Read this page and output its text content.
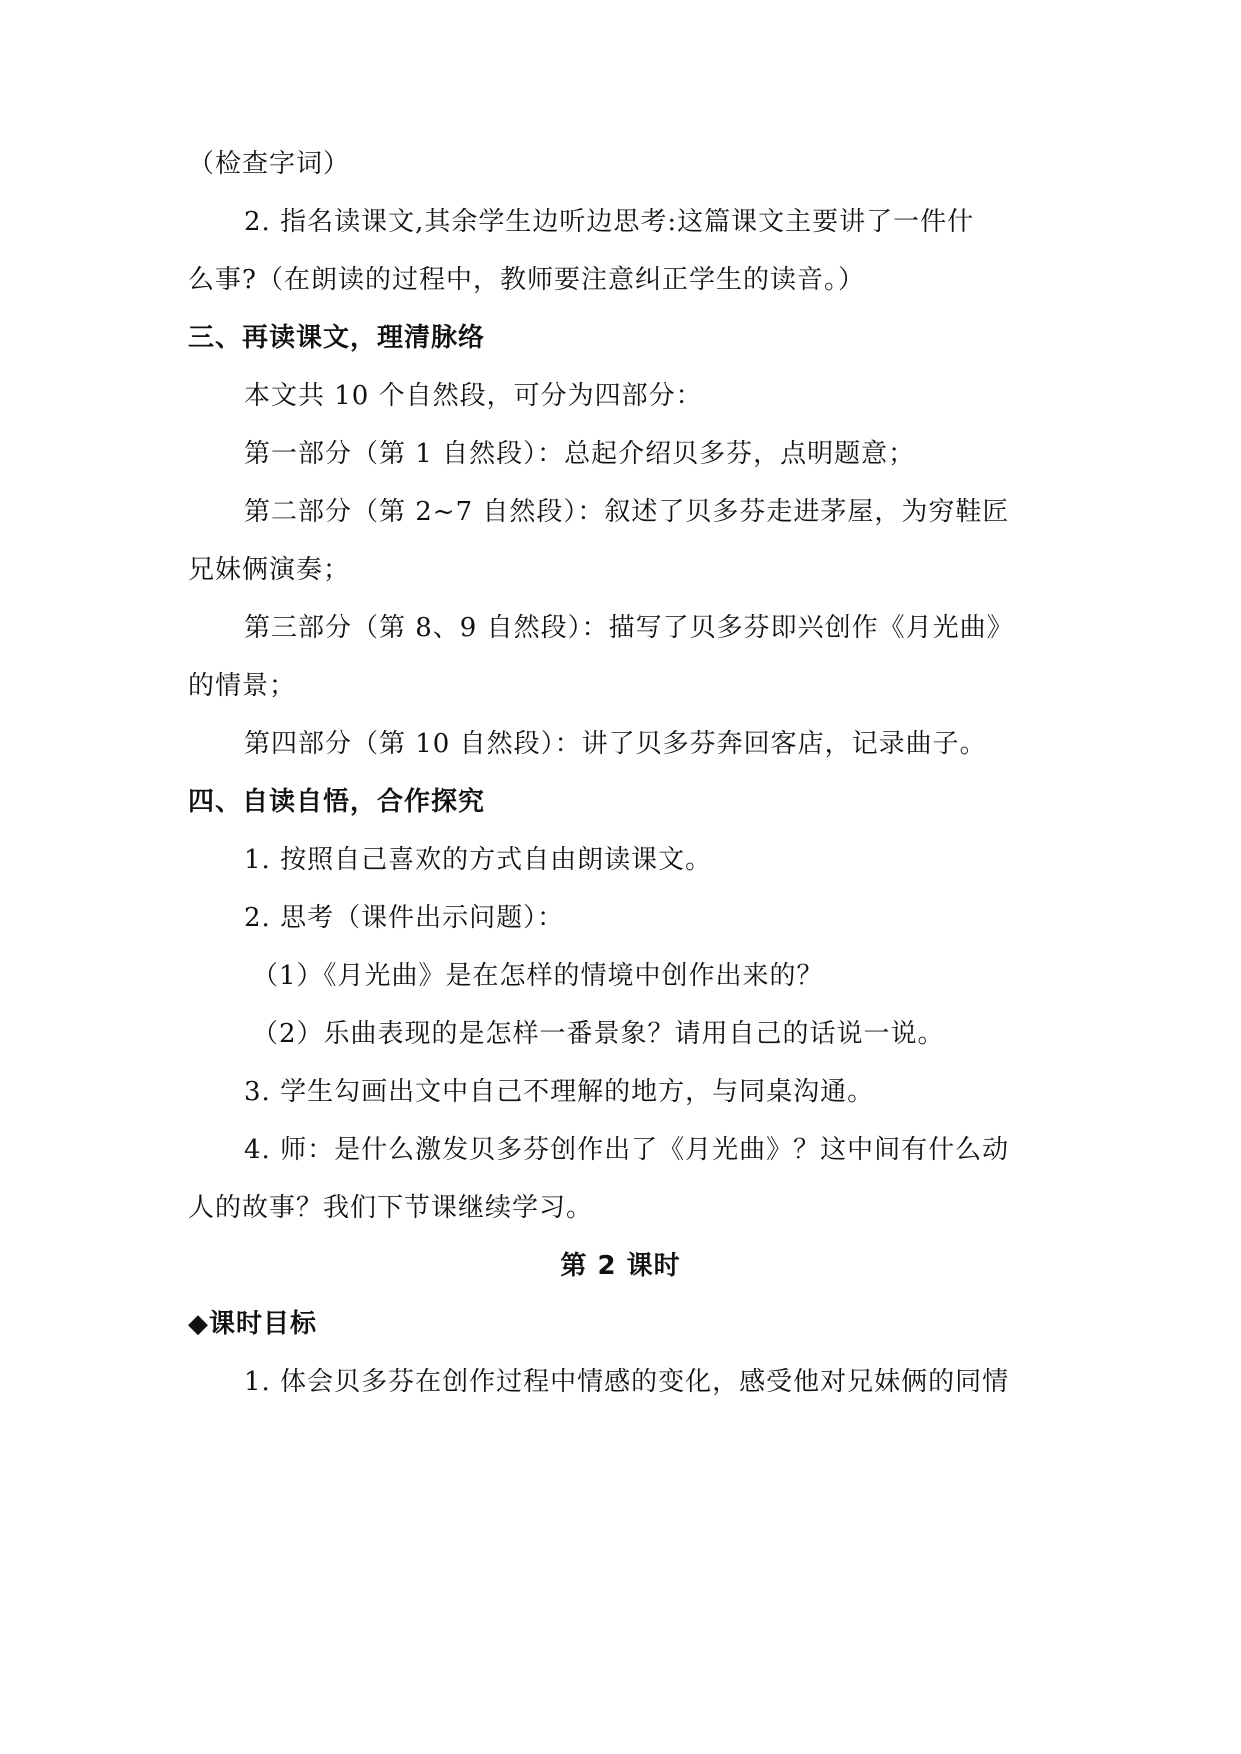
（检查字词）
2. 指名读课文,其余学生边听边思考:这篇课文主要讲了一件什
么事?（在朗读的过程中，教师要注意纠正学生的读音。）
三、再读课文，理清脉络
本文共 10 个自然段，可分为四部分：
第一部分（第 1 自然段）：总起介绍贝多芬，点明题意；
第二部分（第 2~7 自然段）：叙述了贝多芬走进茅屋，为穷鞋匠
兄妹俩演奏；
第三部分（第 8、9 自然段）：描写了贝多芬即兴创作《月光曲》
的情景；
第四部分（第 10 自然段）：讲了贝多芬奔回客店，记录曲子。
四、自读自悟，合作探究
1. 按照自己喜欢的方式自由朗读课文。
2. 思考（课件出示问题）：
（1）《月光曲》是在怎样的情境中创作出来的？
（2）乐曲表现的是怎样一番景象？请用自己的话说一说。
3. 学生勾画出文中自己不理解的地方，与同桌沟通。
4. 师：是什么激发贝多芬创作出了《月光曲》？这中间有什么动
人的故事？我们下节课继续学习。
第 2 课时
◆课时目标
1. 体会贝多芬在创作过程中情感的变化，感受他对兄妹俩的同情
